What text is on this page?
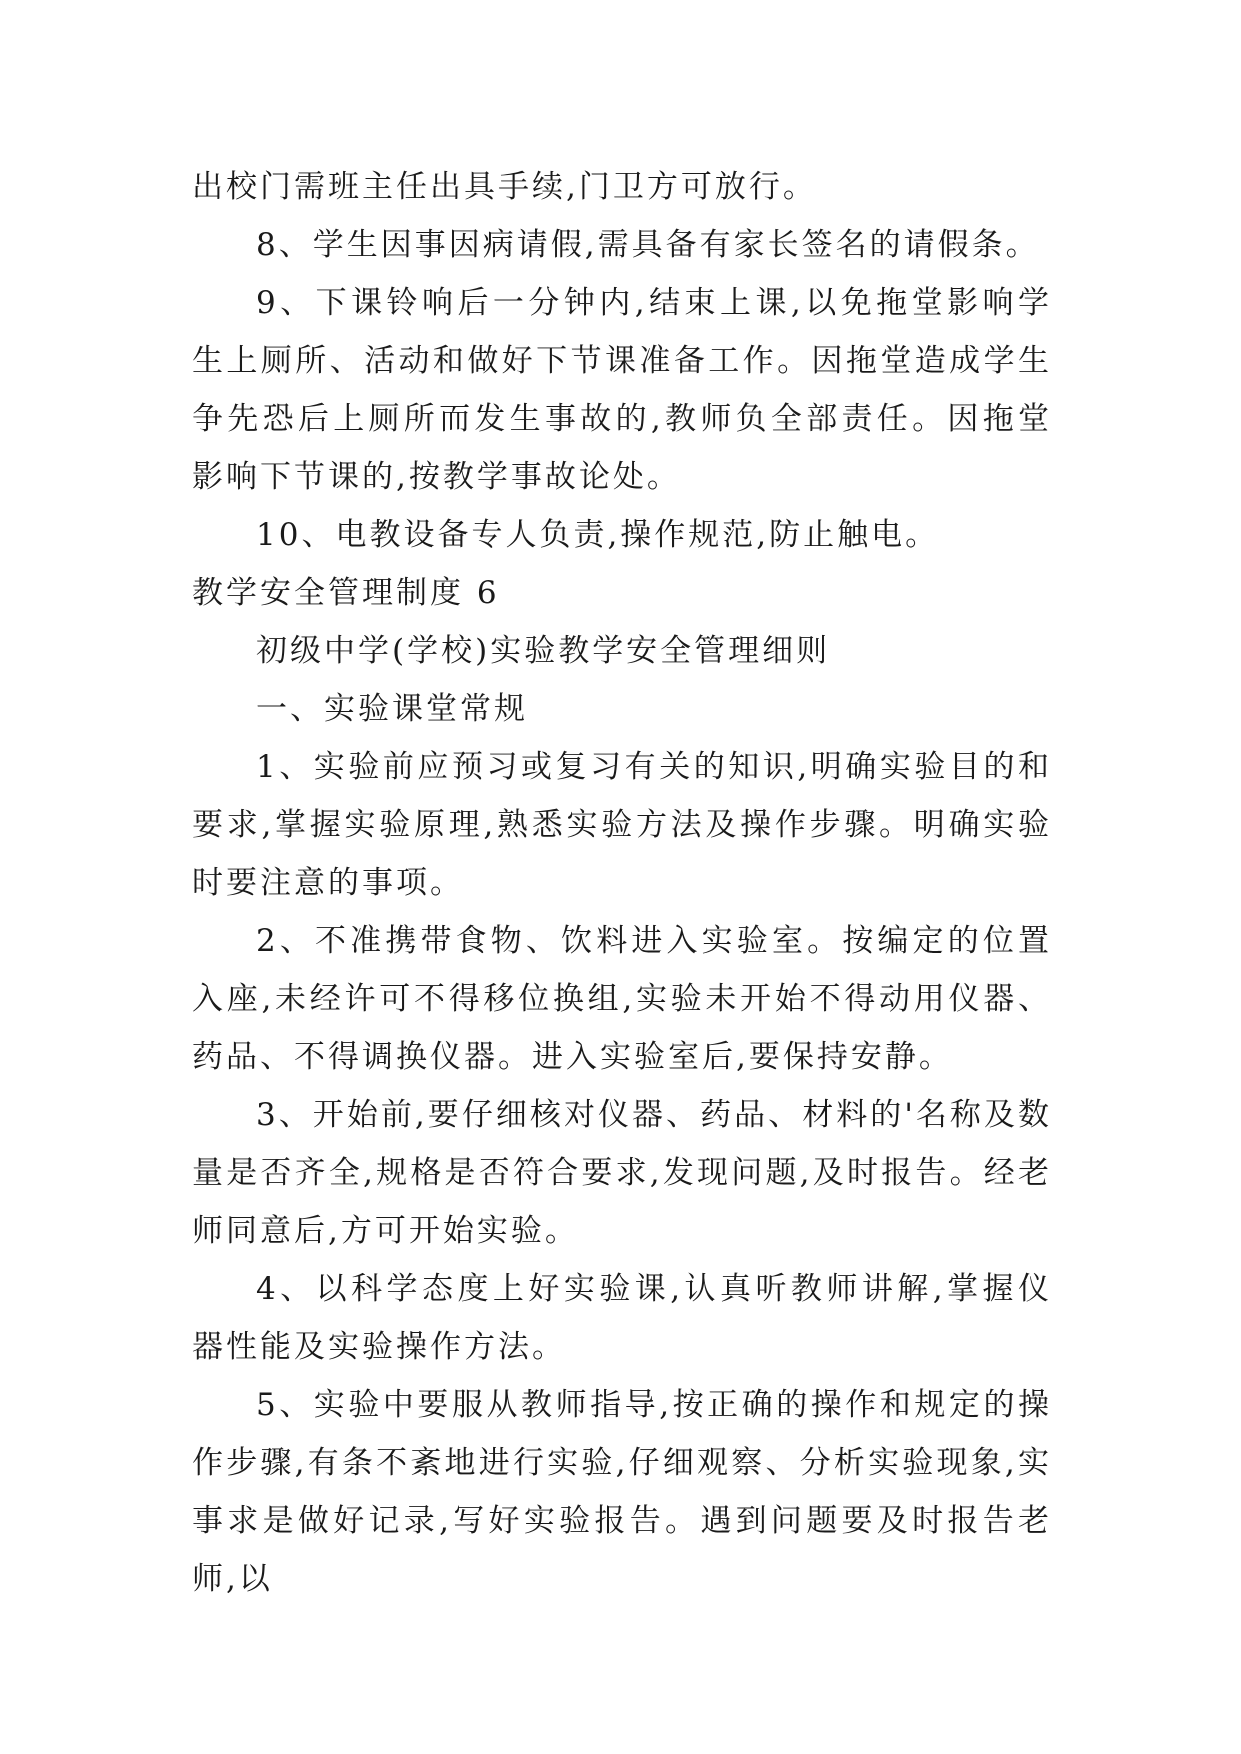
出校门需班主任出具手续,门卫方可放行。

8、学生因事因病请假,需具备有家长签名的请假条。

9、下课铃响后一分钟内,结束上课,以免拖堂影响学生上厕所、活动和做好下节课准备工作。因拖堂造成学生争先恐后上厕所而发生事故的,教师负全部责任。因拖堂影响下节课的,按教学事故论处。

10、电教设备专人负责,操作规范,防止触电。

教学安全管理制度 6

初级中学(学校)实验教学安全管理细则

一、实验课堂常规

1、实验前应预习或复习有关的知识,明确实验目的和要求,掌握实验原理,熟悉实验方法及操作步骤。明确实验时要注意的事项。

2、不准携带食物、饮料进入实验室。按编定的位置入座,未经许可不得移位换组,实验未开始不得动用仪器、药品、不得调换仪器。进入实验室后,要保持安静。

3、开始前,要仔细核对仪器、药品、材料的'名称及数量是否齐全,规格是否符合要求,发现问题,及时报告。经老师同意后,方可开始实验。

4、以科学态度上好实验课,认真听教师讲解,掌握仪器性能及实验操作方法。

5、实验中要服从教师指导,按正确的操作和规定的操作步骤,有条不紊地进行实验,仔细观察、分析实验现象,实事求是做好记录,写好实验报告。遇到问题要及时报告老师,以
